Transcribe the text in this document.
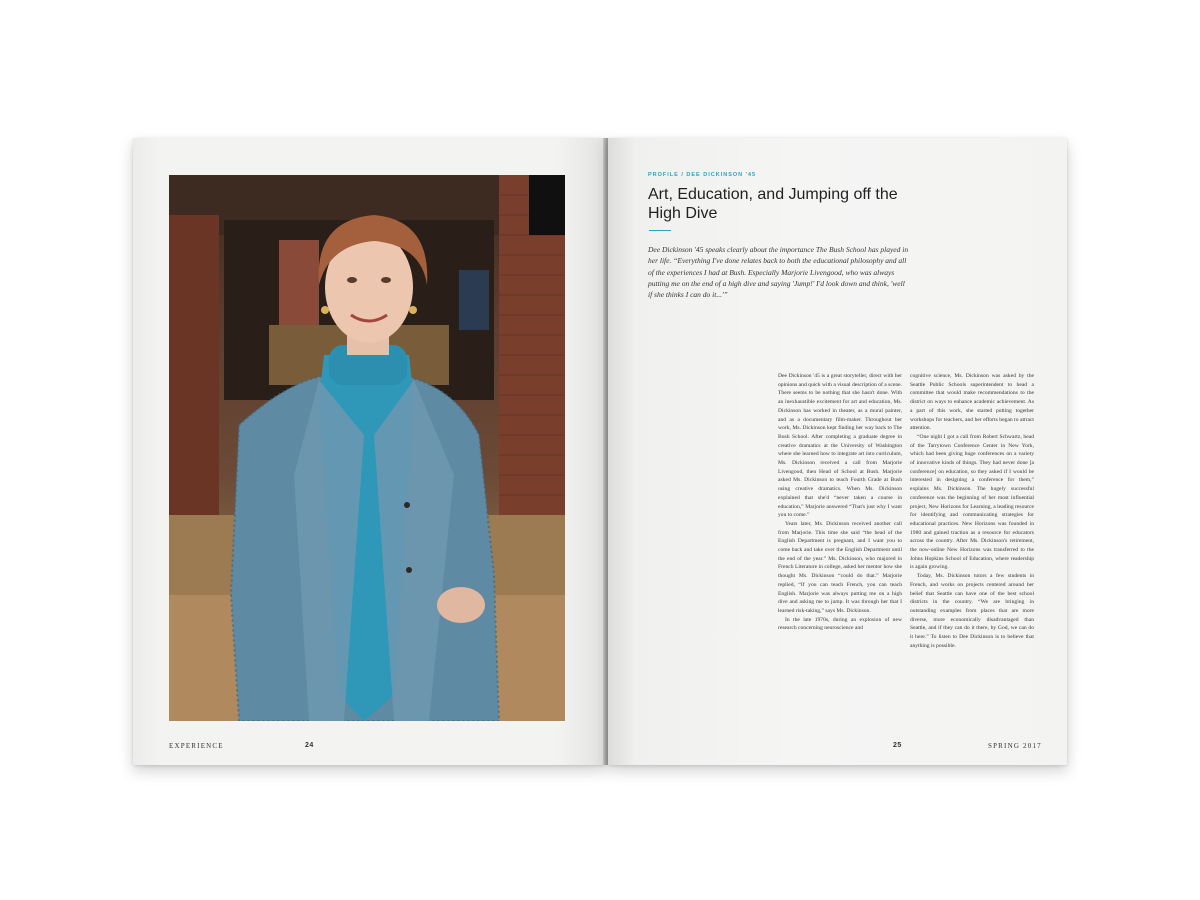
EXPERIENCE	24
PROFILE / DEE DICKINSON '45
Art, Education, and Jumping off the High Dive

Dee Dickinson '45 speaks clearly about the importance The Bush School has played in her life. “Everything I've done relates back to both the educational philosophy and all of the experiences I had at Bush. Especially Marjorie Livengood, who was always putting me on the end of a high dive and saying 'Jump!' I'd look down and think, 'well if she thinks I can do it...'”

Dee Dickinson '45 is a great storyteller, direct with her opinions and quick with a visual description of a scene. There seems to be nothing that she hasn't done. With an inexhaustible excitement for art and education, Ms. Dickinson has worked in theater, as a mural painter, and as a documentary film-maker. Throughout her work, Ms. Dickinson kept finding her way back to The Bush School. After completing a graduate degree in creative dramatics at the University of Washington where she learned how to integrate art into curriculum, Ms. Dickinson received a call from Marjorie Livengood, then Head of School at Bush. Marjorie asked Ms. Dickinson to teach Fourth Grade at Bush using creative dramatics. When Ms. Dickinson explained that she'd “never taken a course in education,” Marjorie answered “That's just why I want you to come.”

Years later, Ms. Dickinson received another call from Marjorie. This time she said “the head of the English Department is pregnant, and I want you to come back and take over the English Department until the end of the year.” Ms. Dickinson, who majored in French Literature in college, asked her mentor how she thought Ms. Dickinson “could do that.” Marjorie replied, “If you can teach French, you can teach English. Marjorie was always putting me on a high dive and asking me to jump. It was through her that I learned risk-taking,” says Ms. Dickinson.

In the late 1970s, during an explosion of new research concerning neuroscience and

cognitive science, Ms. Dickinson was asked by the Seattle Public Schools superintendent to head a committee that would make recommendations to the district on ways to enhance academic achievement. As a part of this work, she started putting together workshops for teachers, and her efforts began to attract attention.

“One night I got a call from Robert Schwartz, head of the Tarrytown Conference Center in New York, which had been giving huge conferences on a variety of innovative kinds of things. They had never done [a conference] on education, so they asked if I would be interested in designing a conference for them,” explains Ms. Dickinson. The hugely successful conference was the beginning of her most influential project, New Horizons for Learning, a leading resource for identifying and communicating strategies for educational practices. New Horizons was founded in 1980 and gained traction as a resource for educators across the country. After Ms. Dickinson's retirement, the now-online New Horizons was transferred to the Johns Hopkins School of Education, where readership is again growing.

Today, Ms. Dickinson tutors a few students in French, and works on projects centered around her belief that Seattle can have one of the best school districts in the country. “We are bringing in outstanding examples from places that are more diverse, more economically disadvantaged than Seattle, and if they can do it there, by God, we can do it here.” To listen to Dee Dickinson is to believe that anything is possible.

25	SPRING 2017
